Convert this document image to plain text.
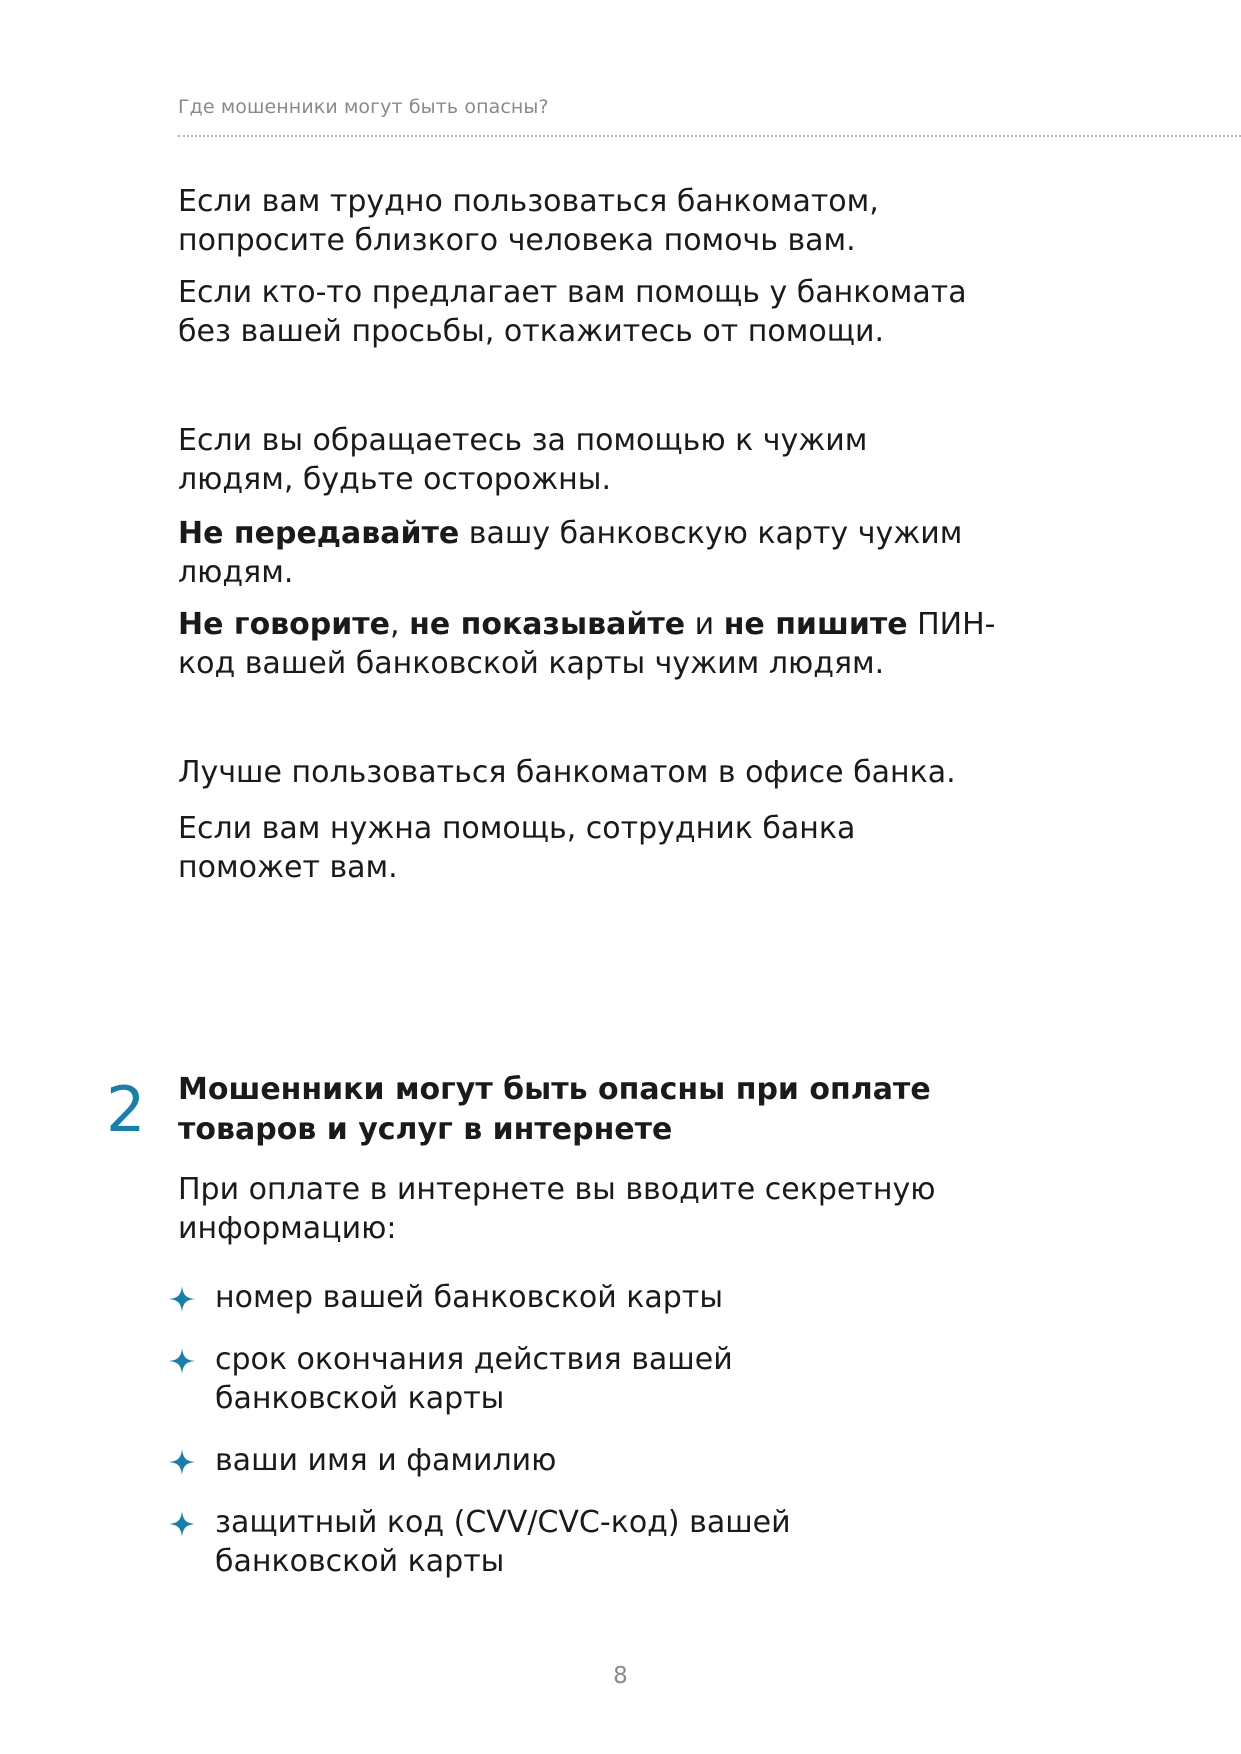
Где мошенники могут быть опасны?

Если вам трудно пользоваться банкоматом,
попросите близкого человека помочь вам.

Если кто-то предлагает вам помощь у банкомата
без вашей просьбы, откажитесь от помощи.

Если вы обращаетесь за помощью к чужим
людям, будьте осторожны.

Не передавайте вашу банковскую карту чужим
людям.

Не говорите, не показывайте и не пишите ПИН-
код вашей банковской карты чужим людям.

Лучше пользоваться банкоматом в офисе банка.

Если вам нужна помощь, сотрудник банка
поможет вам.

2 Мошенники могут быть опасны при оплате
товаров и услуг в интернете

При оплате в интернете вы вводите секретную
информацию:

номер вашей банковской карты
срок окончания действия вашей
банковской карты
ваши имя и фамилию
защитный код (CVV/CVC-код) вашей
банковской карты
8
